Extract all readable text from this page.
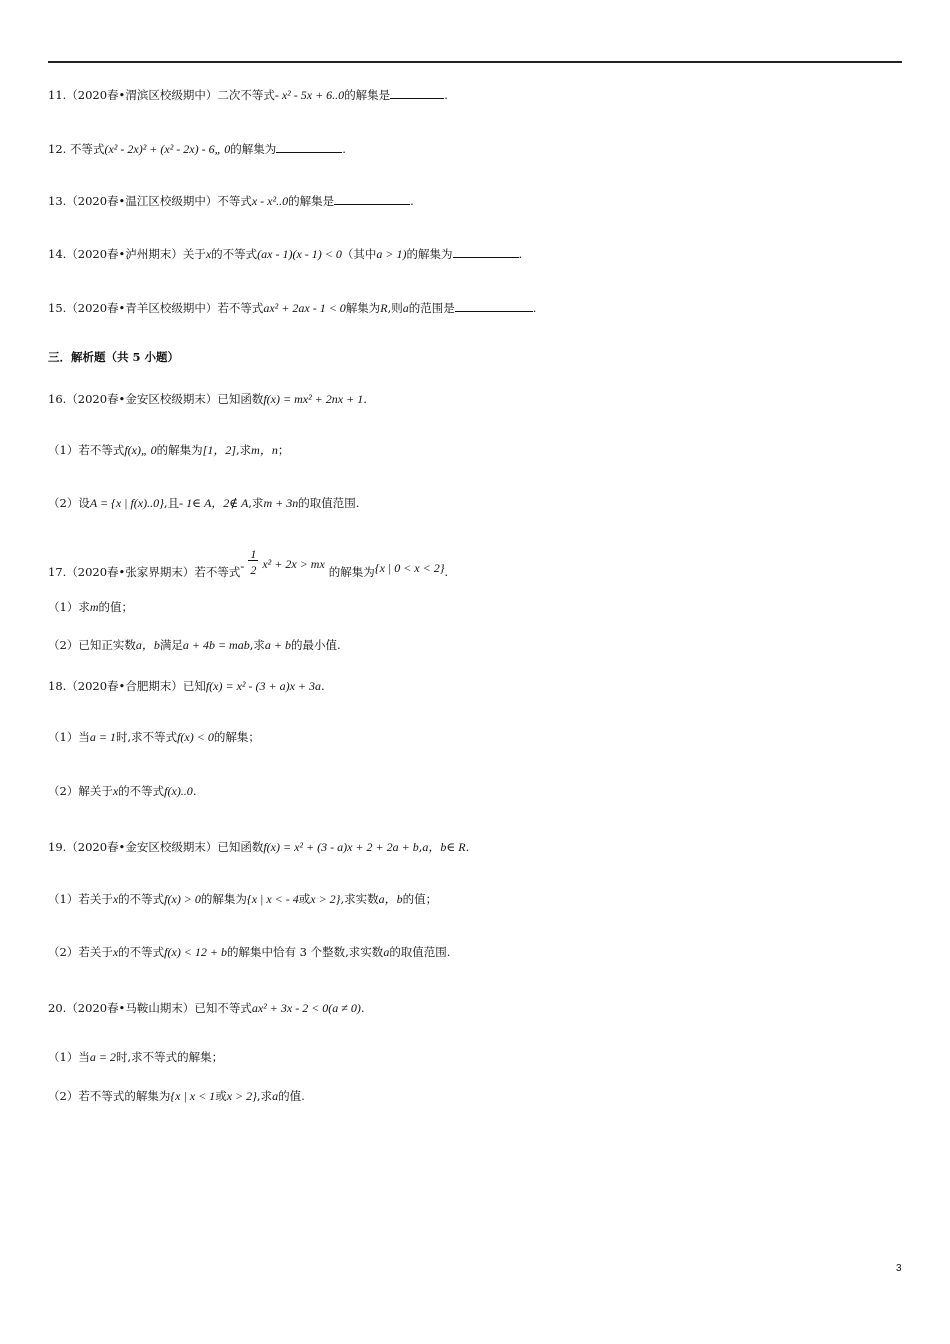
11.（2020春•渭滨区校级期中）二次不等式- x² - 5x + 6..0的解集是	.
12. 不等式(x² - 2x)² + (x² - 2x) - 6„ 0的解集为	.
13.（2020春•温江区校级期中）不等式x - x²..0的解集是	.
14.（2020春•泸州期末）关于x的不等式(ax - 1)(x - 1) < 0（其中a > 1)的解集为	.
15.（2020春•青羊区校级期中）若不等式ax² + 2ax - 1 < 0解集为R,则a的范围是	.
三．解析题（共 5 小题）
16.（2020春•金安区校级期末）已知函数f(x) = mx² + 2nx + 1.
（1）若不等式f(x)„ 0的解集为[1，2],求m，n；
（2）设A = {x | f(x)..0},且- 1∈ A，2∉ A,求m + 3n的取值范围.
17.（2020春•张家界期末）若不等式 -
1
2 x² + 2x > mx的解集为{x | 0 < x < 2}.
（1）求m的值；
（2）已知正实数a，b满足a + 4b = mab,求a + b的最小值.
18.（2020春•合肥期末）已知f(x) = x² - (3 + a)x + 3a.
（1）当a = 1时,求不等式f(x) < 0的解集；
（2）解关于x的不等式f(x)..0.
19.（2020春•金安区校级期末）已知函数f(x) = x² + (3 - a)x + 2 + 2a + b,a，b∈ R.
（1）若关于x的不等式f(x) > 0的解集为{x | x < - 4或x > 2},求实数a，b的值；
（2）若关于x的不等式f(x) < 12 + b的解集中恰有 3 个整数,求实数a的取值范围.
20.（2020春•马鞍山期末）已知不等式ax² + 3x - 2 < 0(a ≠ 0).
（1）当a = 2时,求不等式的解集；
（2）若不等式的解集为{x | x < 1或x > 2},求a的值.
3
